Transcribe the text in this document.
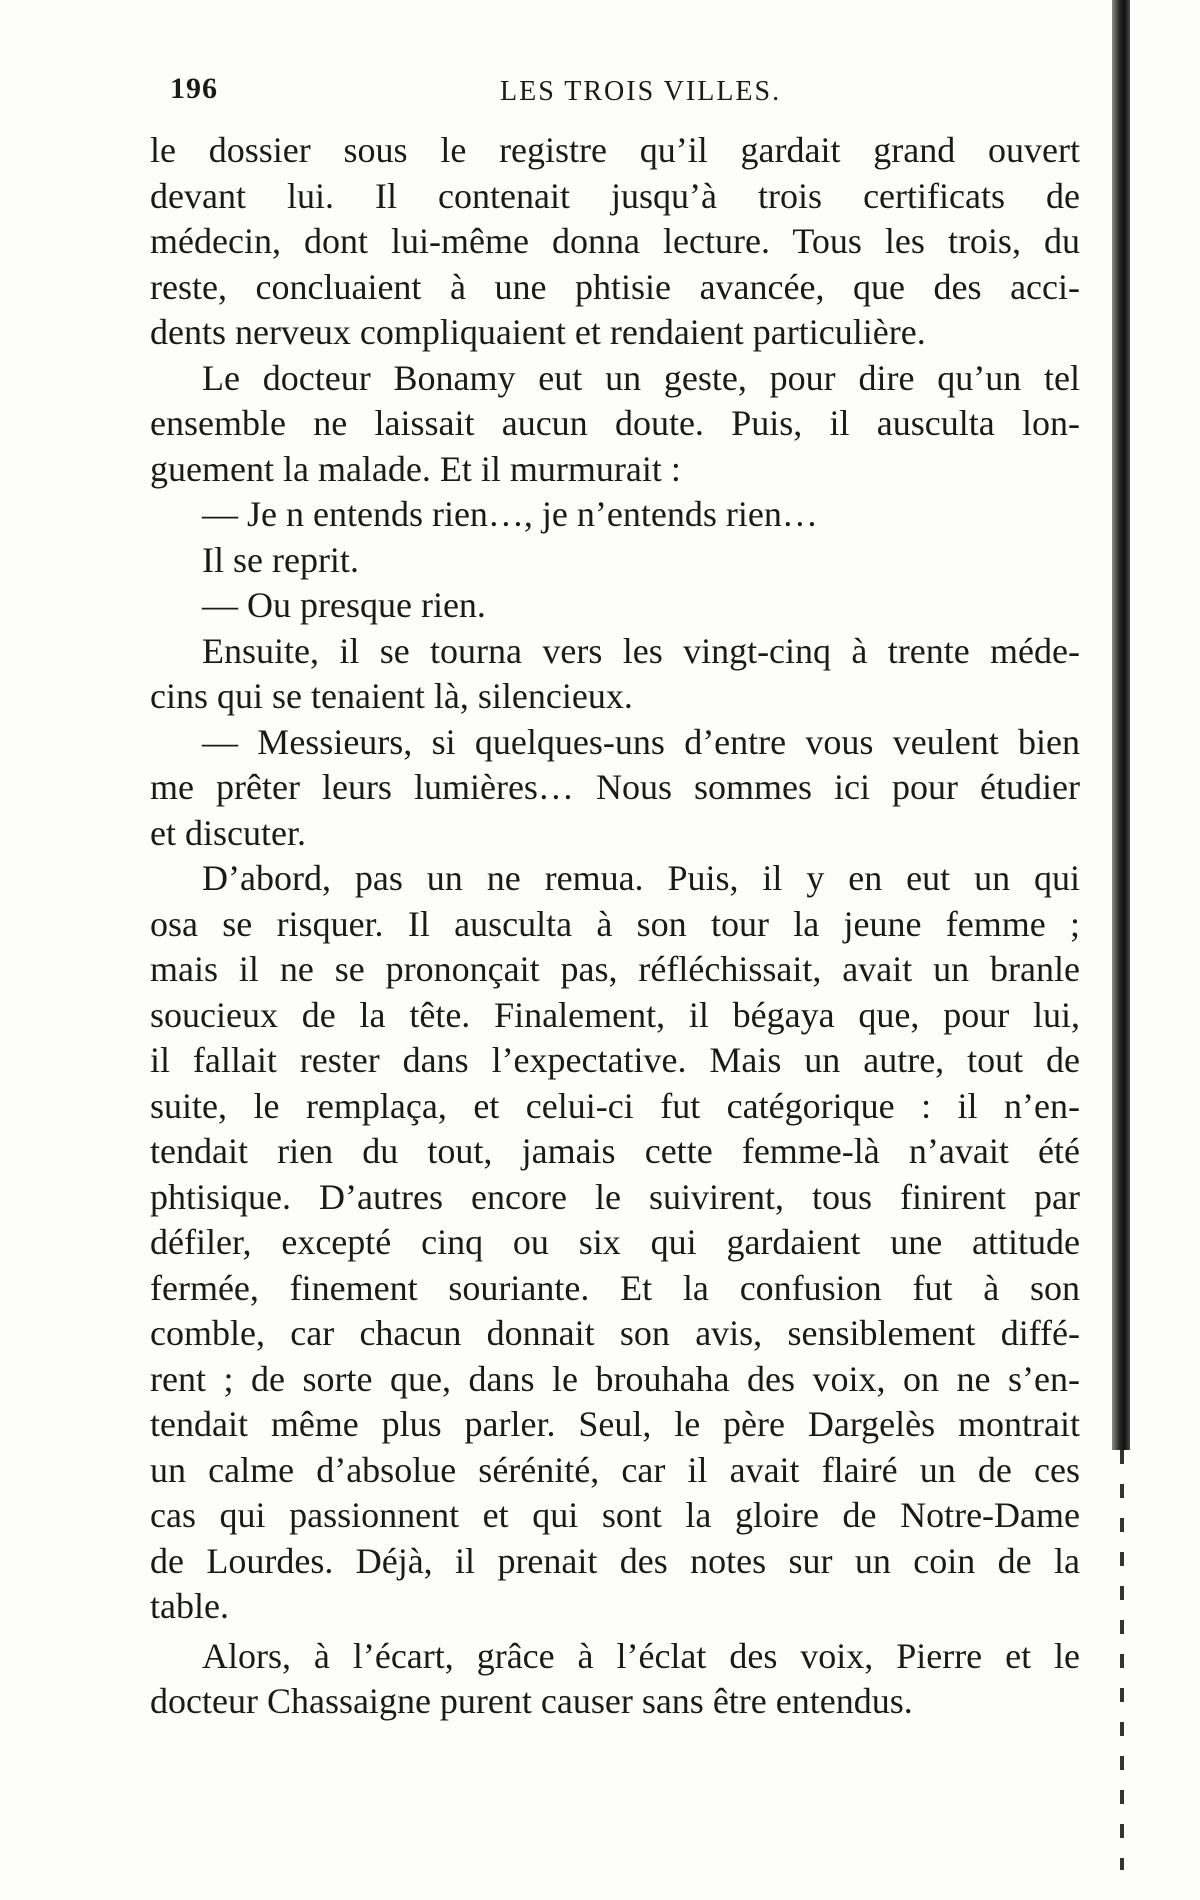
196	LES TROIS VILLES.
le dossier sous le registre qu’il gardait grand ouvert
devant lui. Il contenait jusqu’à trois certificats de
médecin, dont lui-même donna lecture. Tous les trois, du
reste, concluaient à une phtisie avancée, que des acci-
dents nerveux compliquaient et rendaient particulière.
Le docteur Bonamy eut un geste, pour dire qu’un tel
ensemble ne laissait aucun doute. Puis, il ausculta lon-
guement la malade. Et il murmurait :
— Je n entends rien…, je n’entends rien…
Il se reprit.
— Ou presque rien.
Ensuite, il se tourna vers les vingt-cinq à trente méde-
cins qui se tenaient là, silencieux.
— Messieurs, si quelques-uns d’entre vous veulent bien
me prêter leurs lumières… Nous sommes ici pour étudier
et discuter.
D’abord, pas un ne remua. Puis, il y en eut un qui
osa se risquer. Il ausculta à son tour la jeune femme ;
mais il ne se prononçait pas, réfléchissait, avait un branle
soucieux de la tête. Finalement, il bégaya que, pour lui,
il fallait rester dans l’expectative. Mais un autre, tout de
suite, le remplaça, et celui-ci fut catégorique : il n’en-
tendait rien du tout, jamais cette femme-là n’avait été
phtisique. D’autres encore le suivirent, tous finirent par
défiler, excepté cinq ou six qui gardaient une attitude
fermée, finement souriante. Et la confusion fut à son
comble, car chacun donnait son avis, sensiblement diffé-
rent ; de sorte que, dans le brouhaha des voix, on ne s’en-
tendait même plus parler. Seul, le père Dargelès montrait
un calme d’absolue sérénité, car il avait flairé un de ces
cas qui passionnent et qui sont la gloire de Notre-Dame
de Lourdes. Déjà, il prenait des notes sur un coin de la
table.
Alors, à l’écart, grâce à l’éclat des voix, Pierre et le
docteur Chassaigne purent causer sans être entendus.
